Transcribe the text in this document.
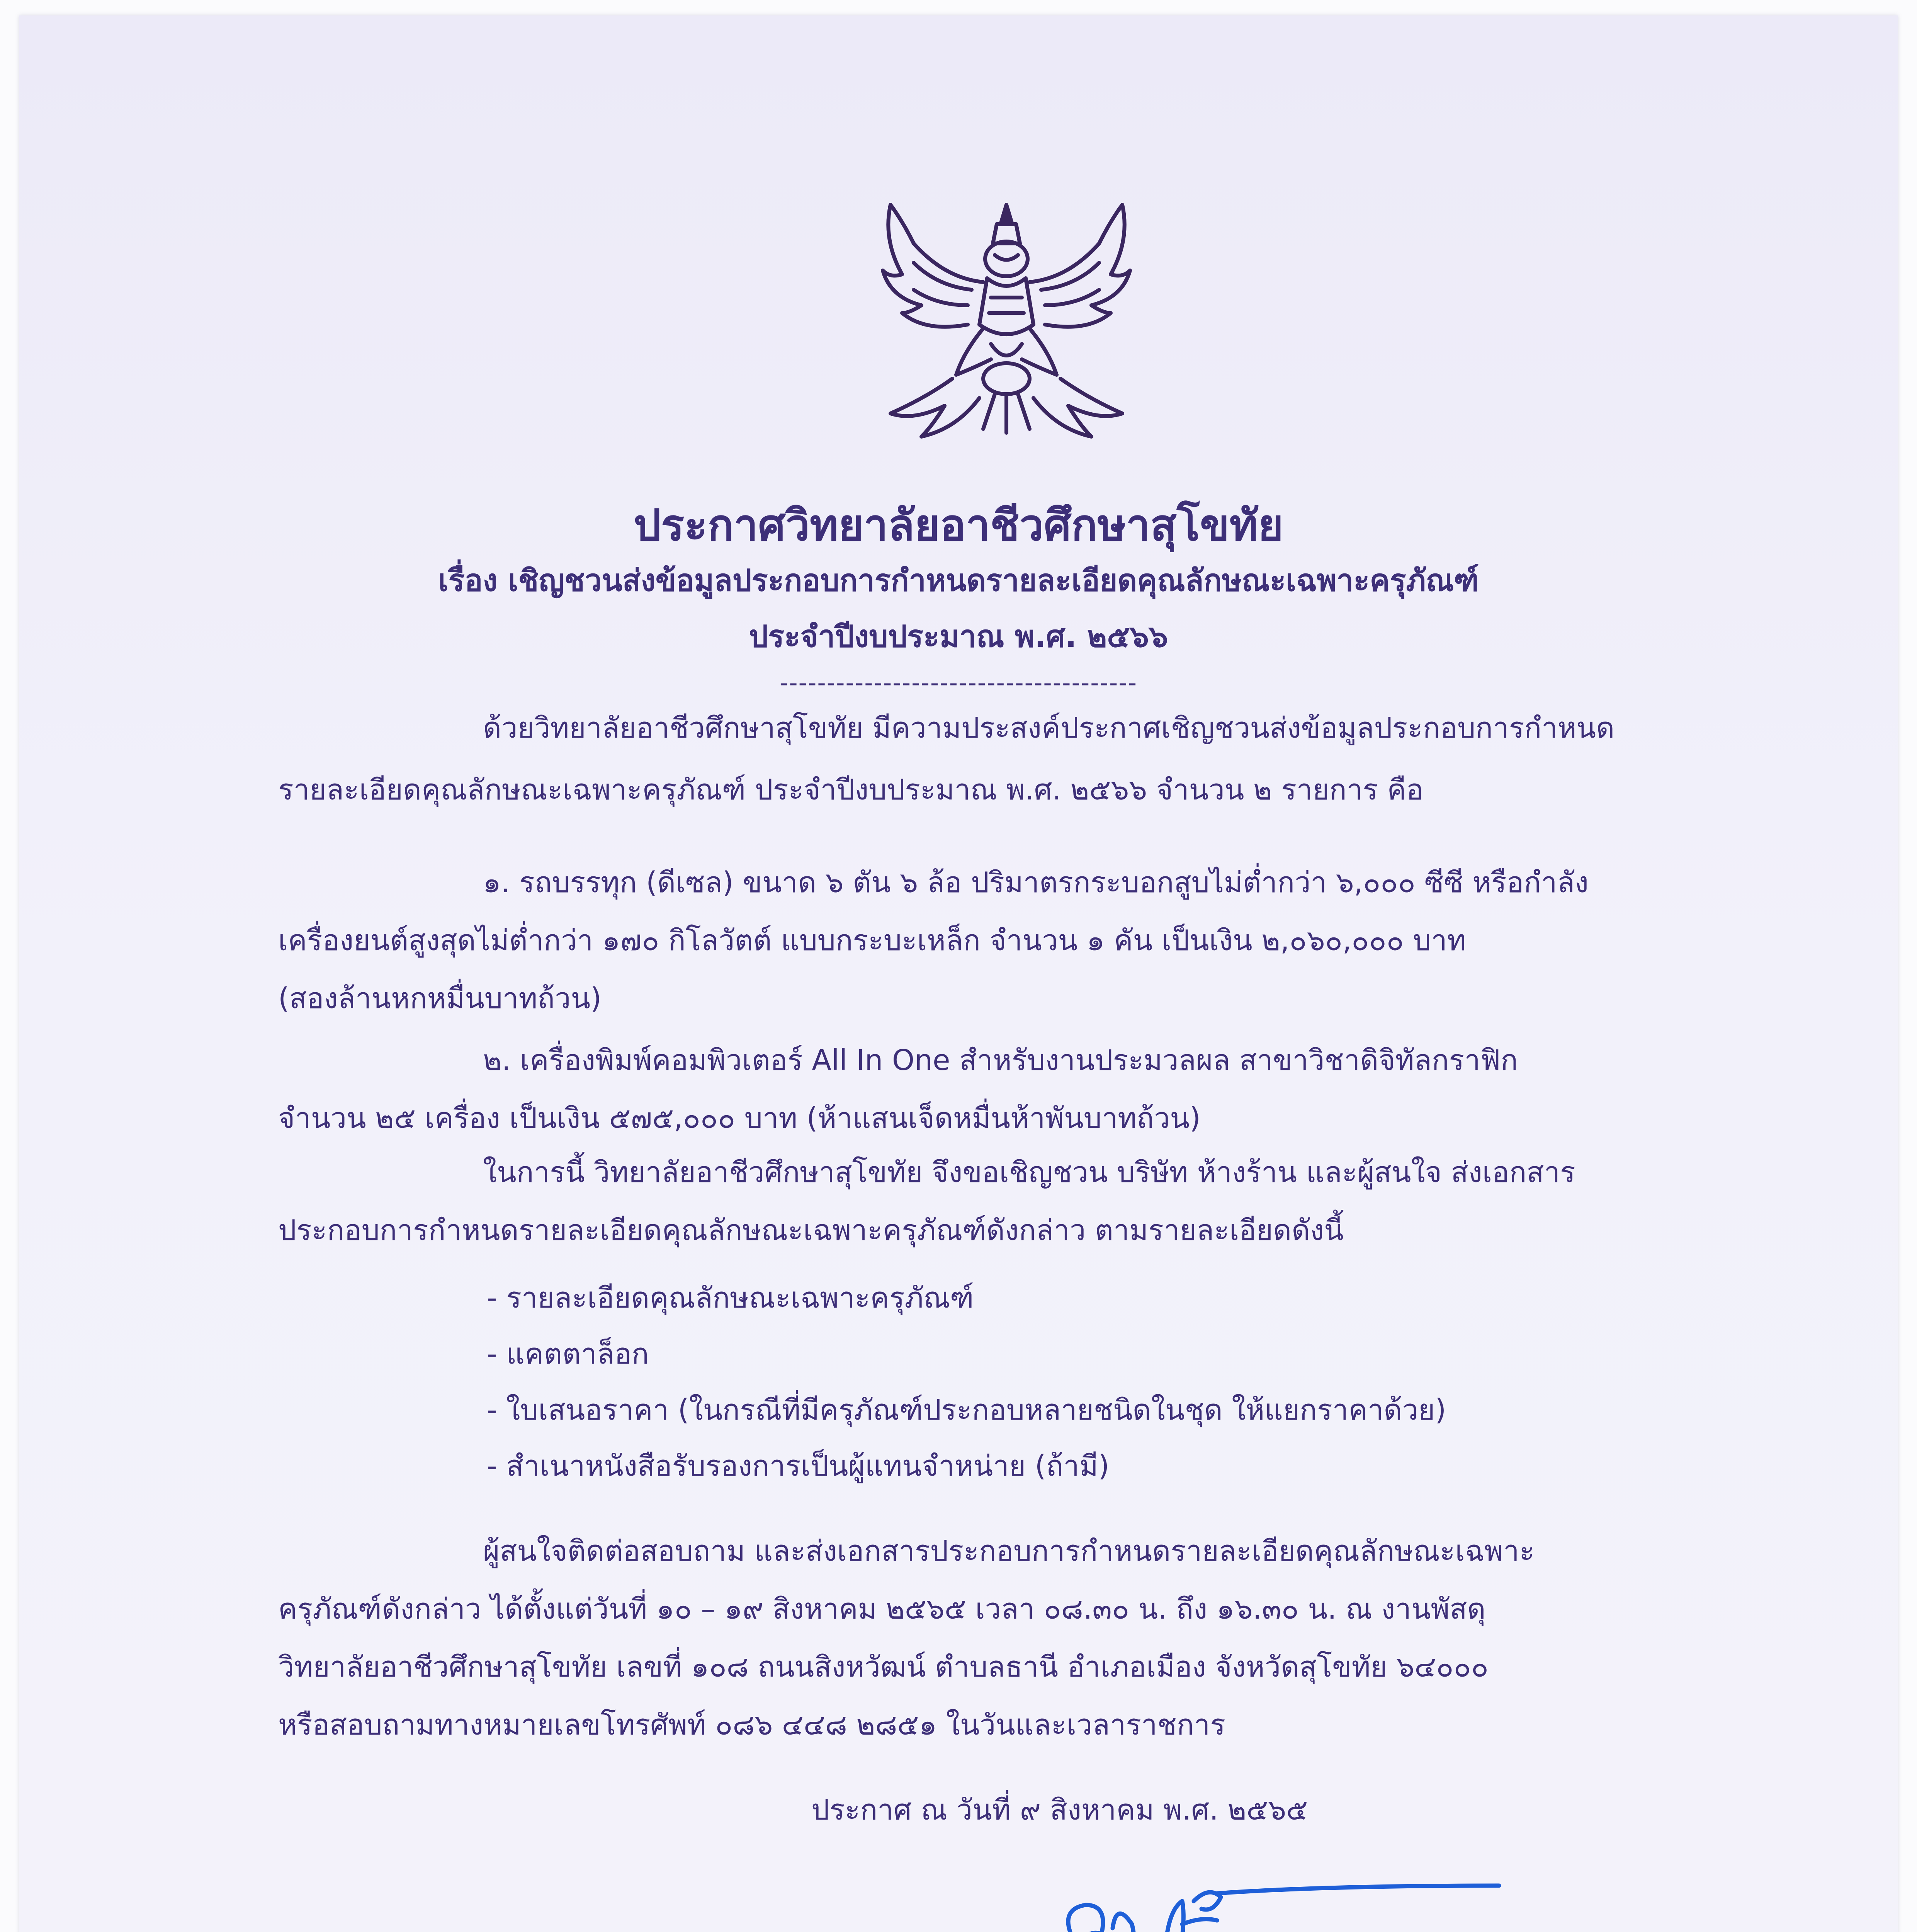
ประกาศวิทยาลัยอาชีวศึกษาสุโขทัย
เรื่อง เชิญชวนส่งข้อมูลประกอบการกำหนดรายละเอียดคุณลักษณะเฉพาะครุภัณฑ์
ประจำปีงบประมาณ พ.ศ. ๒๕๖๖
--------------------------------------
ด้วยวิทยาลัยอาชีวศึกษาสุโขทัย มีความประสงค์ประกาศเชิญชวนส่งข้อมูลประกอบการกำหนด
รายละเอียดคุณลักษณะเฉพาะครุภัณฑ์ ประจำปีงบประมาณ พ.ศ. ๒๕๖๖ จำนวน ๒ รายการ คือ
๑. รถบรรทุก (ดีเซล) ขนาด ๖ ตัน ๖ ล้อ ปริมาตรกระบอกสูบไม่ต่ำกว่า ๖,๐๐๐ ซีซี หรือกำลัง
เครื่องยนต์สูงสุดไม่ต่ำกว่า ๑๗๐ กิโลวัตต์ แบบกระบะเหล็ก จำนวน ๑ คัน เป็นเงิน ๒,๐๖๐,๐๐๐ บาท
(สองล้านหกหมื่นบาทถ้วน)
๒. เครื่องพิมพ์คอมพิวเตอร์ All In One สำหรับงานประมวลผล สาขาวิชาดิจิทัลกราฟิก
จำนวน ๒๕ เครื่อง เป็นเงิน ๕๗๕,๐๐๐ บาท (ห้าแสนเจ็ดหมื่นห้าพันบาทถ้วน)
ในการนี้ วิทยาลัยอาชีวศึกษาสุโขทัย จึงขอเชิญชวน บริษัท ห้างร้าน และผู้สนใจ ส่งเอกสาร
ประกอบการกำหนดรายละเอียดคุณลักษณะเฉพาะครุภัณฑ์ดังกล่าว ตามรายละเอียดดังนี้
- รายละเอียดคุณลักษณะเฉพาะครุภัณฑ์
- แคตตาล็อก
- ใบเสนอราคา (ในกรณีที่มีครุภัณฑ์ประกอบหลายชนิดในชุด ให้แยกราคาด้วย)
- สำเนาหนังสือรับรองการเป็นผู้แทนจำหน่าย (ถ้ามี)
ผู้สนใจติดต่อสอบถาม และส่งเอกสารประกอบการกำหนดรายละเอียดคุณลักษณะเฉพาะ
ครุภัณฑ์ดังกล่าว ได้ตั้งแต่วันที่ ๑๐ – ๑๙ สิงหาคม ๒๕๖๕ เวลา ๐๘.๓๐ น. ถึง ๑๖.๓๐ น. ณ งานพัสดุ
วิทยาลัยอาชีวศึกษาสุโขทัย เลขที่ ๑๐๘ ถนนสิงหวัฒน์ ตำบลธานี อำเภอเมือง จังหวัดสุโขทัย ๖๔๐๐๐
หรือสอบถามทางหมายเลขโทรศัพท์ ๐๘๖ ๔๔๘ ๒๘๕๑ ในวันและเวลาราชการ
ประกาศ ณ วันที่ ๙ สิงหาคม พ.ศ. ๒๕๖๕
